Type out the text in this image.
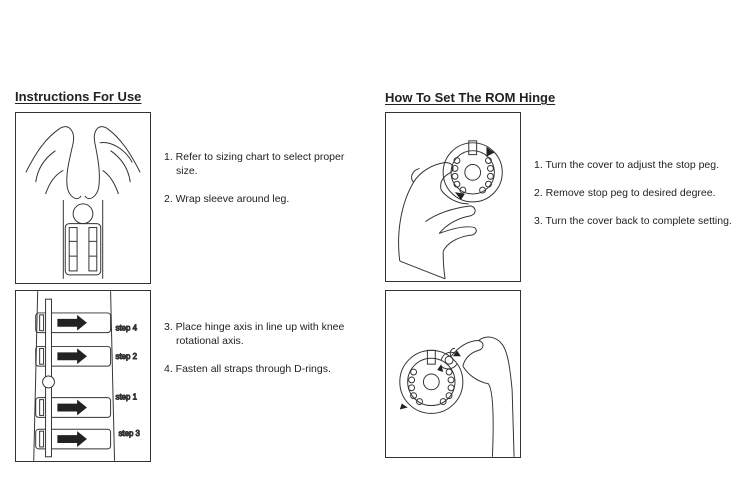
Instructions For Use
1. Refer to sizing chart to select proper
size.
2. Wrap sleeve around leg.
step 4
step 2
step 1
step 3
3. Place hinge axis in line up with knee
rotational axis.
4. Fasten all straps through D-rings.
How To Set The ROM Hinge
1. Turn the cover to adjust the stop peg.
2. Remove stop peg to desired degree.
3. Turn the cover back to complete setting.
